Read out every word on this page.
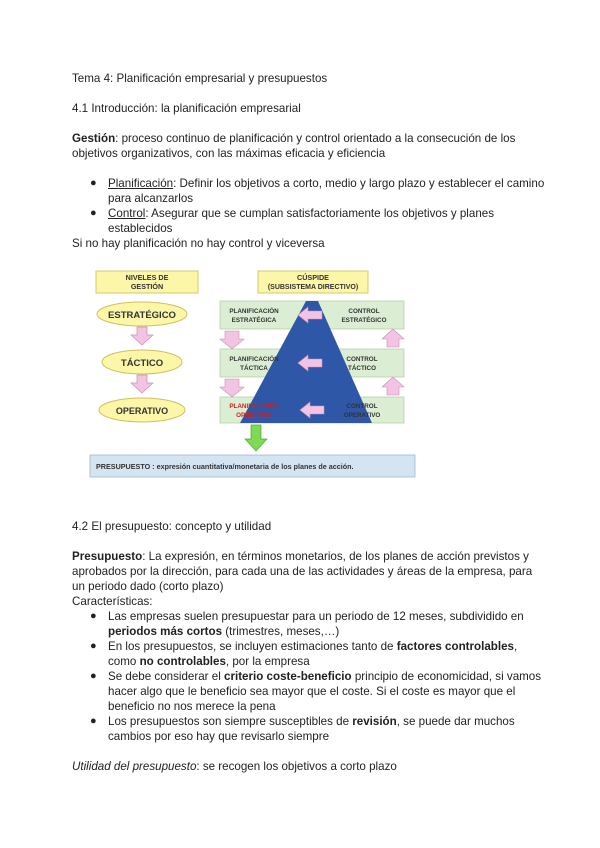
Tema 4: Planificación empresarial y presupuestos

4.1 Introducción: la planificación empresarial

Gestión: proceso continuo de planificación y control orientado a la consecución de los

objetivos organizativos, con las máximas eficacia y eficiencia

● Planificación: Definir los objetivos a corto, medio y largo plazo y establecer el camino
para alcanzarlos
● Control: Asegurar que se cumplan satisfactoriamente los objetivos y planes
establecidos

Si no hay planificación no hay control y viceversa

NIVELES DE
GESTIÓN
CÚSPIDE
(SUBSISTEMA DIRECTIVO)
ESTRATÉGICO
TÁCTICO
OPERATIVO
PLANIFICACIÓN
ESTRATÉGICA
CONTROL
ESTRATÉGICO
PLANIFICACIÓN
TÁCTICA
CONTROL
TÁCTICO
PLANIFICACIÓN
OPERATIVA
CONTROL
OPERATIVO
PRESUPUESTO : expresión cuantitativa/monetaria de los planes de acción.

4.2 El presupuesto: concepto y utilidad

Presupuesto: La expresión, en términos monetarios, de los planes de acción previstos y

aprobados por la dirección, para cada una de las actividades y áreas de la empresa, para

un periodo dado (corto plazo)

Características:

● Las empresas suelen presupuestar para un periodo de 12 meses, subdividido en
periodos más cortos (trimestres, meses,…)
● En los presupuestos, se incluyen estimaciones tanto de factores controlables,
como no controlables, por la empresa
● Se debe considerar el criterio coste-beneficio principio de economicidad, si vamos
hacer algo que le beneficio sea mayor que el coste. Si el coste es mayor que el
beneficio no nos merece la pena
● Los presupuestos son siempre susceptibles de revisión, se puede dar muchos
cambios por eso hay que revisarlo siempre

Utilidad del presupuesto: se recogen los objetivos a corto plazo
